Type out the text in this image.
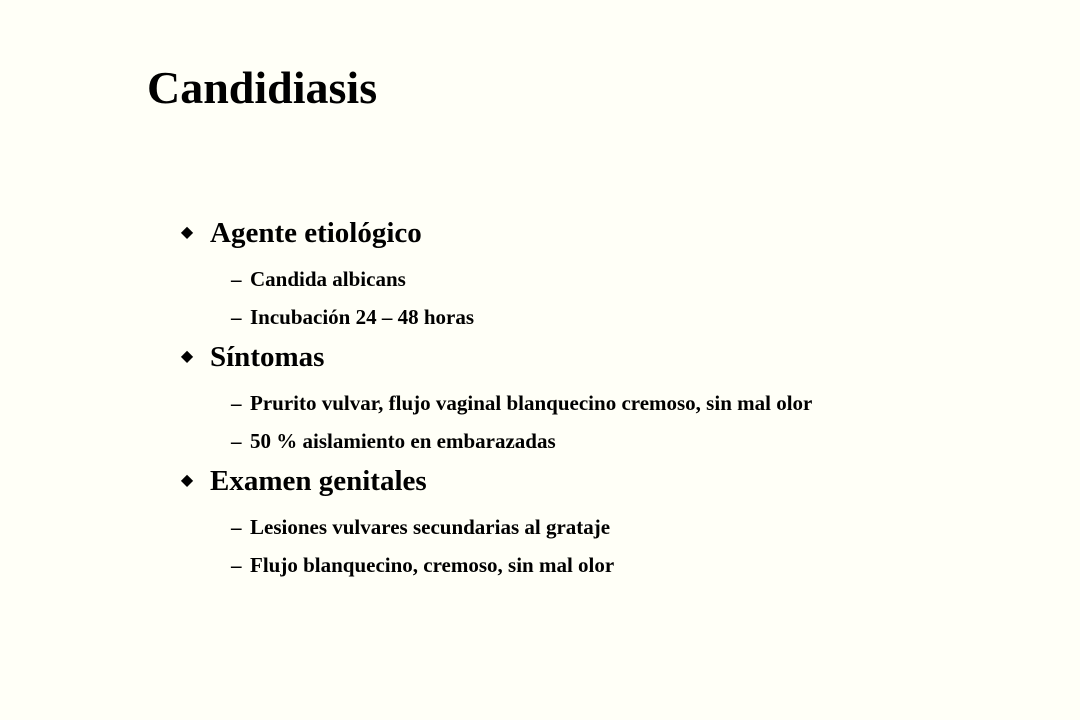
Candidiasis
◆ Agente etiológico
– Candida albicans
– Incubación 24 – 48 horas
◆ Síntomas
– Prurito vulvar, flujo vaginal blanquecino cremoso, sin mal olor
– 50 % aislamiento en embarazadas
◆ Examen genitales
– Lesiones vulvares secundarias al grataje
– Flujo blanquecino, cremoso, sin mal olor
